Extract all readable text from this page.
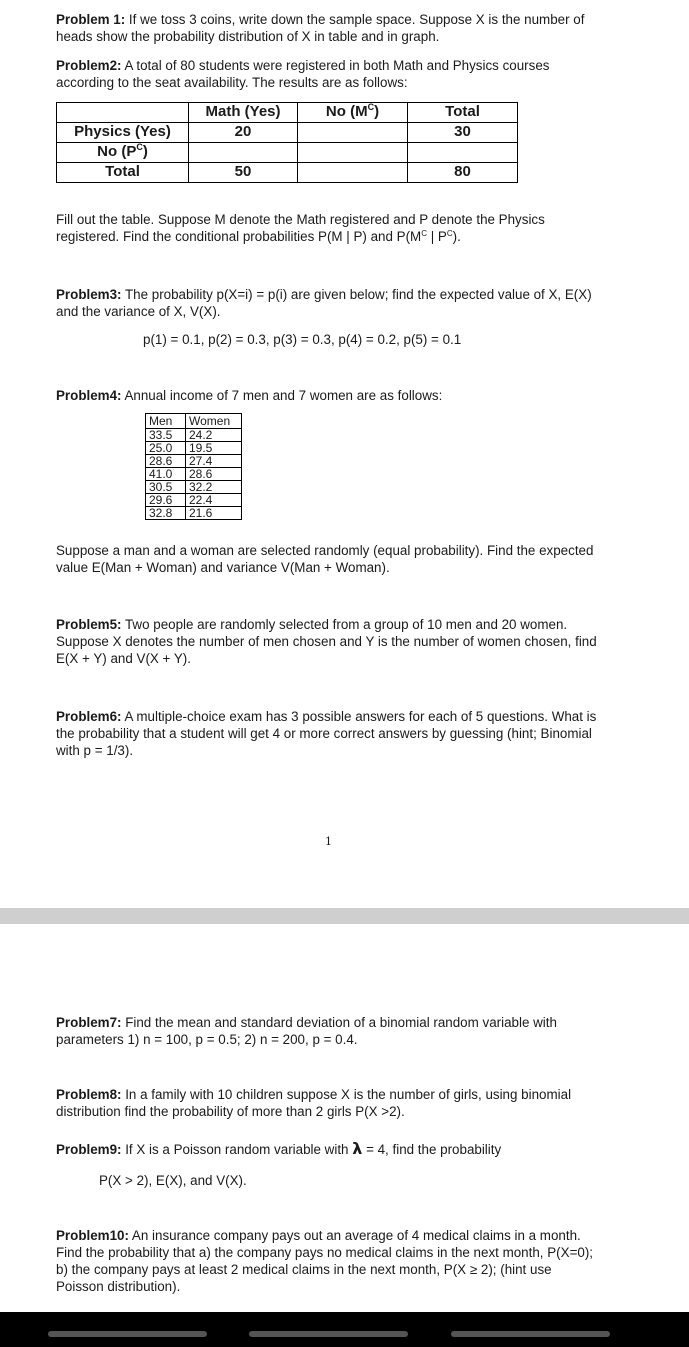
Problem 1: If we toss 3 coins, write down the sample space. Suppose X is the number of heads show the probability distribution of X in table and in graph.

Problem2: A total of 80 students were registered in both Math and Physics courses according to the seat availability. The results are as follows:

	Math (Yes)	No $(M^C)$	Total
Physics (Yes)	20		30
No $(P^C)$			
Total	50		80

Fill out the table. Suppose M denote the Math registered and P denote the Physics registered. Find the conditional probabilities P(M | P) and $P(M^C$ | $P^C$).

Problem3: The probability p(X=i) = p(i) are given below; find the expected value of X, E(X) and the variance of X, V(X).

p(1) = 0.1, p(2) = 0.3, p(3) = 0.3, p(4) = 0.2, p(5) = 0.1

Problem4: Annual income of 7 men and 7 women are as follows:

Men	Women
33.5	24.2
25.0	19.5
28.6	27.4
41.0	28.6
30.5	32.2
29.6	22.4
32.8	21.6

Suppose a man and a woman are selected randomly (equal probability). Find the expected value E(Man + Woman) and variance V(Man + Woman).

Problem5: Two people are randomly selected from a group of 10 men and 20 women. Suppose X denotes the number of men chosen and Y is the number of women chosen, find E(X + Y) and V(X + Y).

Problem6: A multiple-choice exam has 3 possible answers for each of 5 questions. What is the probability that a student will get 4 or more correct answers by guessing (hint; Binomial with p = 1/3).

1

Problem7: Find the mean and standard deviation of a binomial random variable with parameters 1) n = 100, p = 0.5; 2) n = 200, p = 0.4.

Problem8: In a family with 10 children suppose X is the number of girls, using binomial distribution find the probability of more than 2 girls P(X >2).

Problem9: If X is a Poisson random variable with λ = 4, find the probability

P(X > 2), E(X), and V(X).

Problem10: An insurance company pays out an average of 4 medical claims in a month. Find the probability that a) the company pays no medical claims in the next month, P(X=0); b) the company pays at least 2 medical claims in the next month, P(X ≥ 2); (hint use Poisson distribution).
